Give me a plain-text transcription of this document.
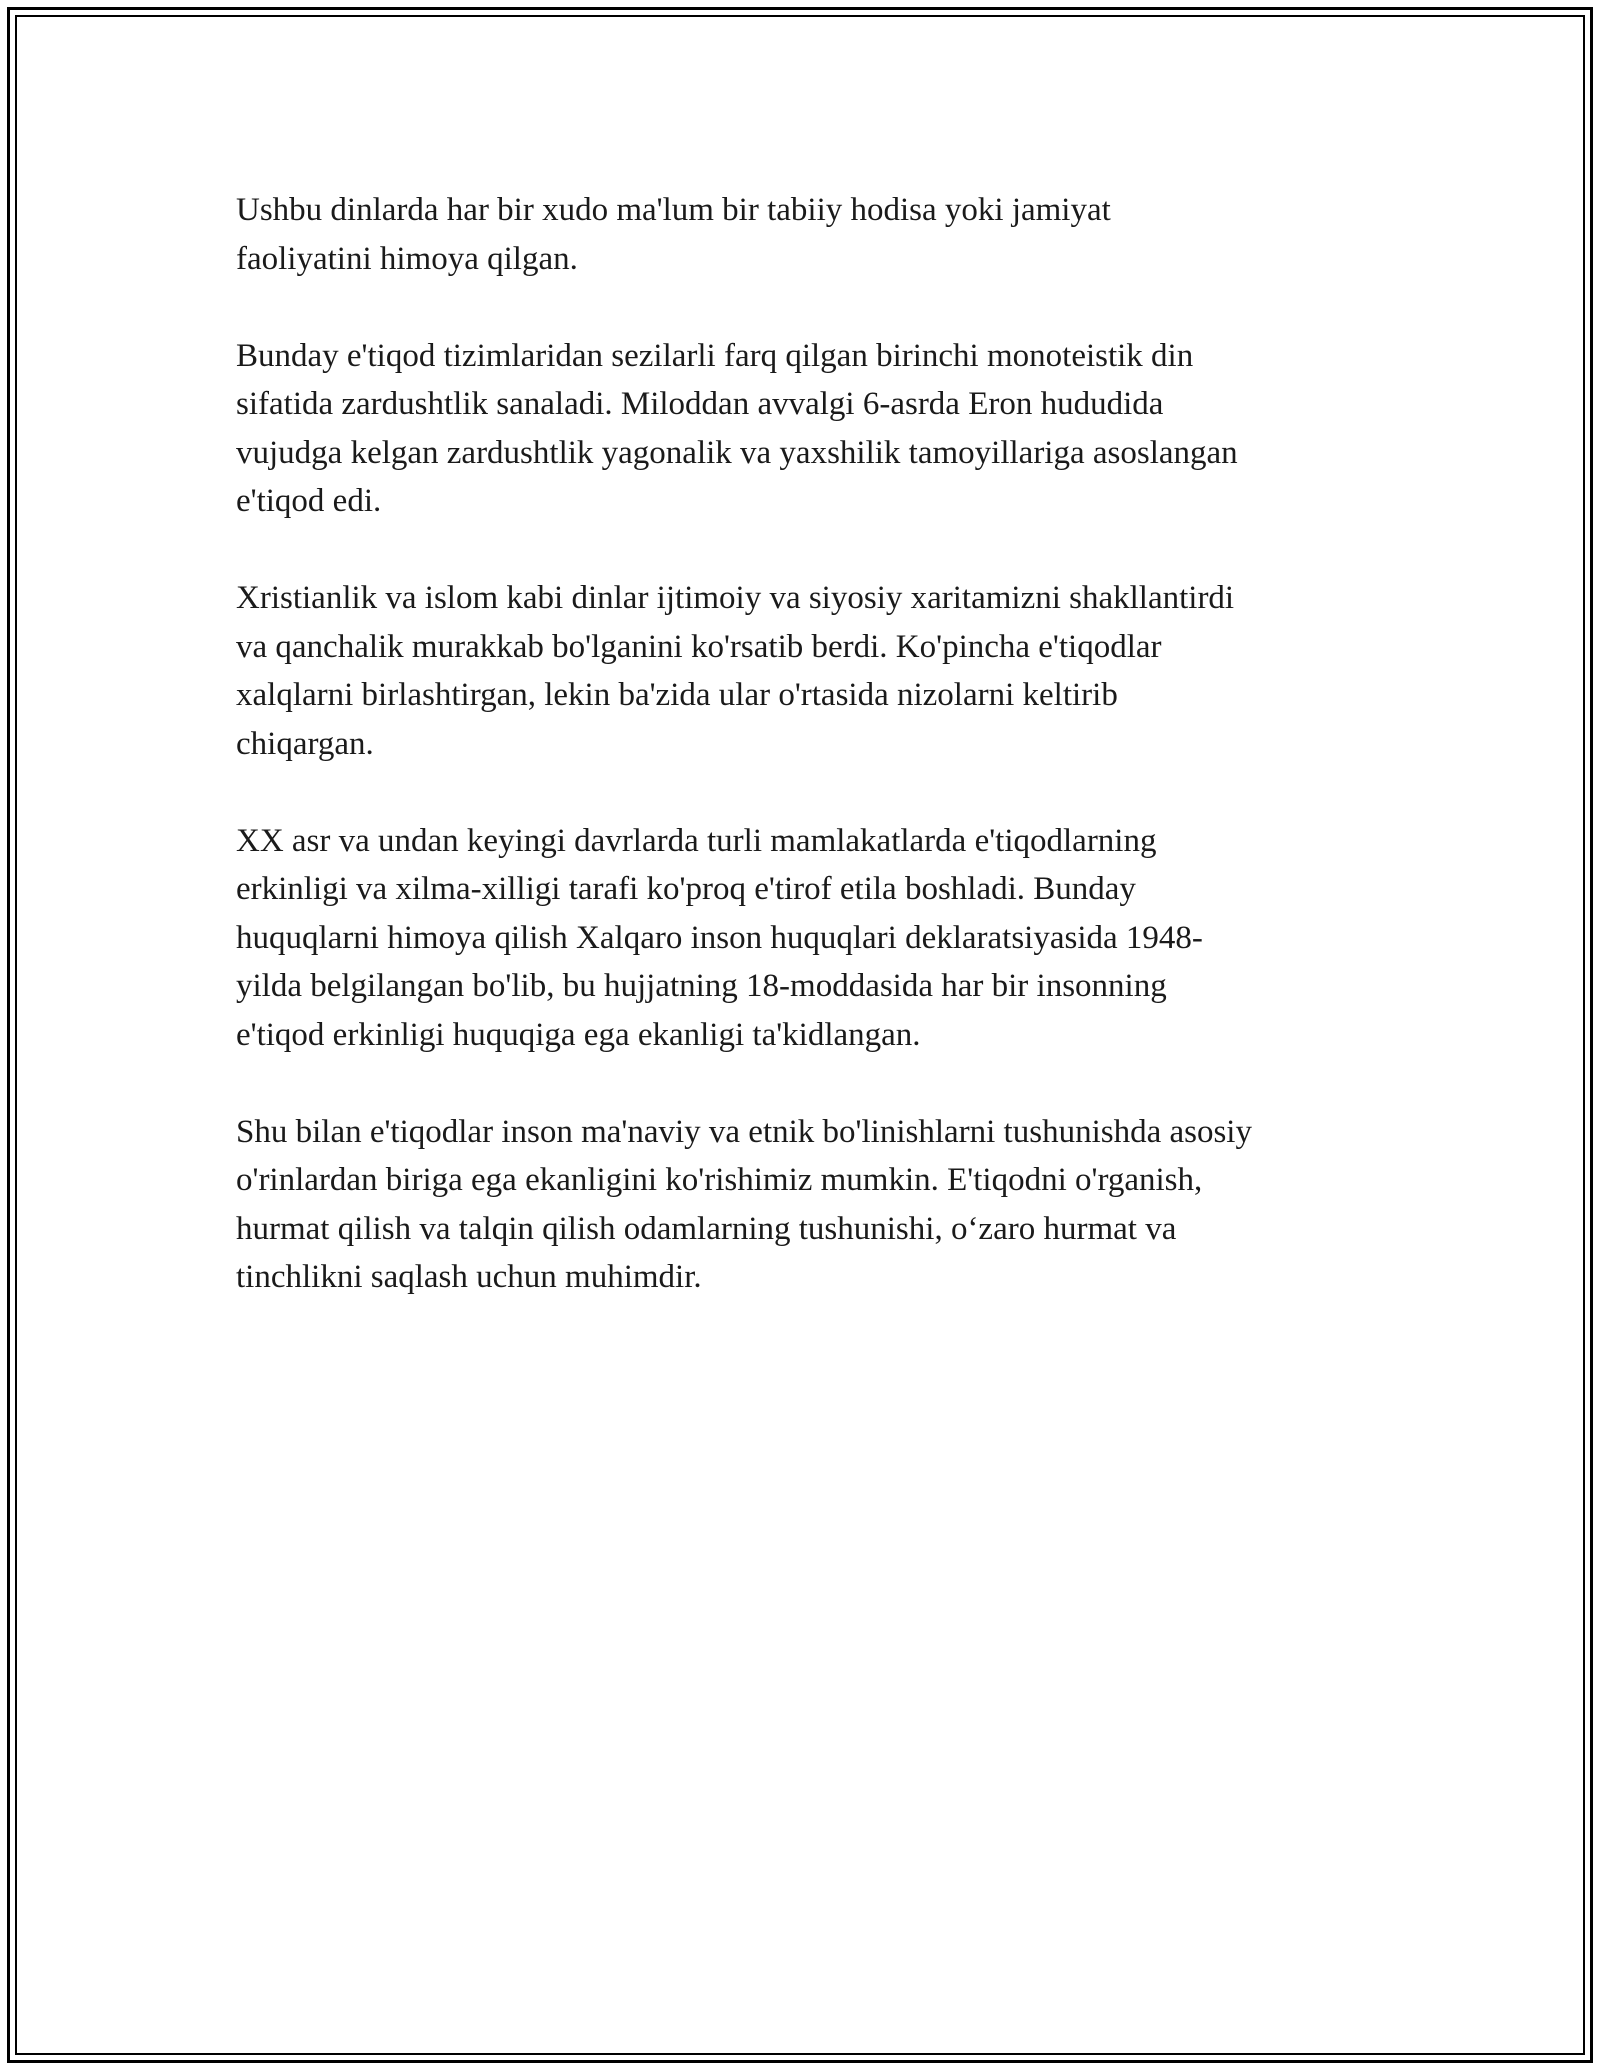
Ushbu dinlarda har bir xudo ma'lum bir tabiiy hodisa yoki jamiyat
faoliyatini himoya qilgan.

Bunday e'tiqod tizimlaridan sezilarli farq qilgan birinchi monoteistik din
sifatida zardushtlik sanaladi. Miloddan avvalgi 6-asrda Eron hududida
vujudga kelgan zardushtlik yagonalik va yaxshilik tamoyillariga asoslangan
e'tiqod edi.

Xristianlik va islom kabi dinlar ijtimoiy va siyosiy xaritamizni shakllantirdi
va qanchalik murakkab bo'lganini ko'rsatib berdi. Ko'pincha e'tiqodlar
xalqlarni birlashtirgan, lekin ba'zida ular o'rtasida nizolarni keltirib
chiqargan.

XX asr va undan keyingi davrlarda turli mamlakatlarda e'tiqodlarning
erkinligi va xilma-xilligi tarafi ko'proq e'tirof etila boshladi. Bunday
huquqlarni himoya qilish Xalqaro inson huquqlari deklaratsiyasida 1948-
yilda belgilangan bo'lib, bu hujjatning 18-moddasida har bir insonning
e'tiqod erkinligi huquqiga ega ekanligi ta'kidlangan.

Shu bilan e'tiqodlar inson ma'naviy va etnik bo'linishlarni tushunishda asosiy
o'rinlardan biriga ega ekanligini ko'rishimiz mumkin. E'tiqodni o'rganish,
hurmat qilish va talqin qilish odamlarning tushunishi, o‘zaro hurmat va
tinchlikni saqlash uchun muhimdir.
